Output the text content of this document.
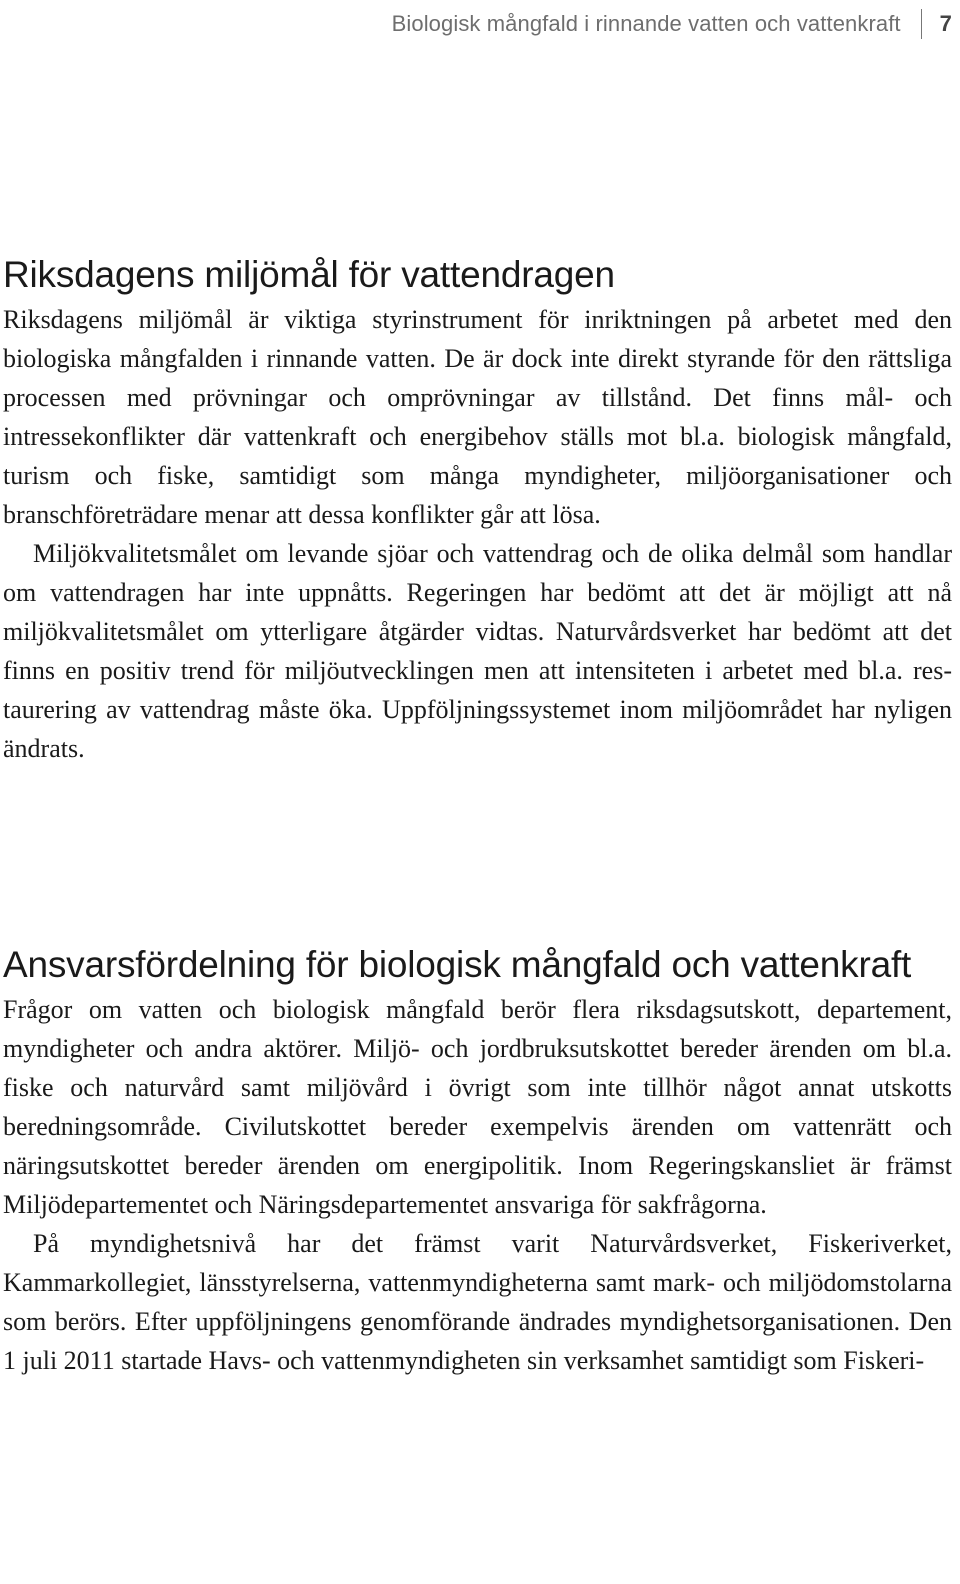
Biologisk mångfald i rinnande vatten och vattenkraft 7
Riksdagens miljömål för vattendragen

Riksdagens miljömål är viktiga styrinstrument för inriktningen på arbetet med den biologiska mångfalden i rinnande vatten. De är dock inte direkt styrande för den rättsliga processen med prövningar och omprövningar av tillstånd. Det finns mål- och intressekonflikter där vattenkraft och energibehov ställs mot bl.a. biologisk mångfald, turism och fiske, samtidigt som många myndigheter, miljöorganisationer och branschföreträdare menar att dessa konflikter går att lösa.

Miljökvalitetsmålet om levande sjöar och vattendrag och de olika delmål som handlar om vattendragen har inte uppnåtts. Regeringen har bedömt att det är möjligt att nå miljökvalitetsmålet om ytterligare åtgärder vidtas. Naturvårdsverket har bedömt att det finns en positiv trend för miljöutvecklingen men att intensiteten i arbetet med bl.a. restaurering av vattendrag måste öka. Uppföljningssystemet inom miljöområdet har nyligen ändrats.

Ansvarsfördelning för biologisk mångfald och vattenkraft

Frågor om vatten och biologisk mångfald berör flera riksdagsutskott, departement, myndigheter och andra aktörer. Miljö- och jordbruksutskottet bereder ärenden om bl.a. fiske och naturvård samt miljövård i övrigt som inte tillhör något annat utskotts beredningsområde. Civilutskottet bereder exempelvis ärenden om vattenrätt och näringsutskottet bereder ärenden om energipolitik. Inom Regeringskansliet är främst Miljödepartementet och Näringsdepartementet ansvariga för sakfrågorna.

På myndighetsnivå har det främst varit Naturvårdsverket, Fiskeriverket, Kammarkollegiet, länsstyrelserna, vattenmyndigheterna samt mark- och miljödomstolarna som berörs. Efter uppföljningens genomförande ändrades myndighetsorganisationen. Den 1 juli 2011 startade Havs- och vattenmyndigheten sin verksamhet samtidigt som Fiskeri-
